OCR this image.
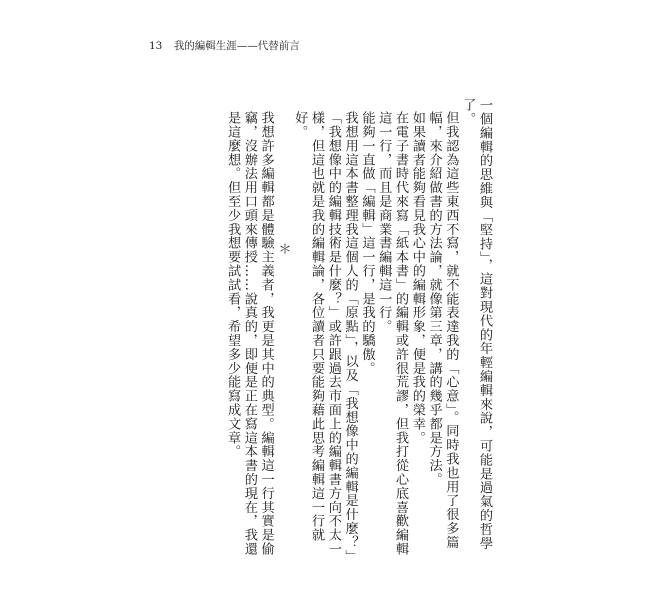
13 我的編輯生涯——代替前言

一個編輯的思維與「堅持」，這對現代的年輕編輯來說，可能是過氣的哲學了。

但我認為這些東西不寫，就不能表達我的「心意」。同時我也用了很多篇幅，來介紹做書的方法論，就像第三章，講的幾乎都是方法。

如果讀者能夠看見我心中的編輯形象，便是我的榮幸。

在電子書時代來寫「紙本書」的編輯或許很荒謬，但我打從心底喜歡編輯這一行，而且是商業書編輯這一行。

能夠一直做「編輯」這一行，是我的驕傲。

我想用這本書整理我這個人的「原點」，以及「我想像中的編輯是什麼？」「我想像中的編輯技術是什麼？」或許跟過去市面上的編輯書方向不太一樣，但這也就是我的編輯論，各位讀者只要能夠藉此思考編輯這一行就好。

＊

我想許多編輯都是體驗主義者，我更是其中的典型。編輯這一行其實是偷竊，沒辦法用口頭來傳授……說真的，即便是正在寫這本書的現在，我還是這麼想。但至少我想要試試看，希望多少能寫成文章。
